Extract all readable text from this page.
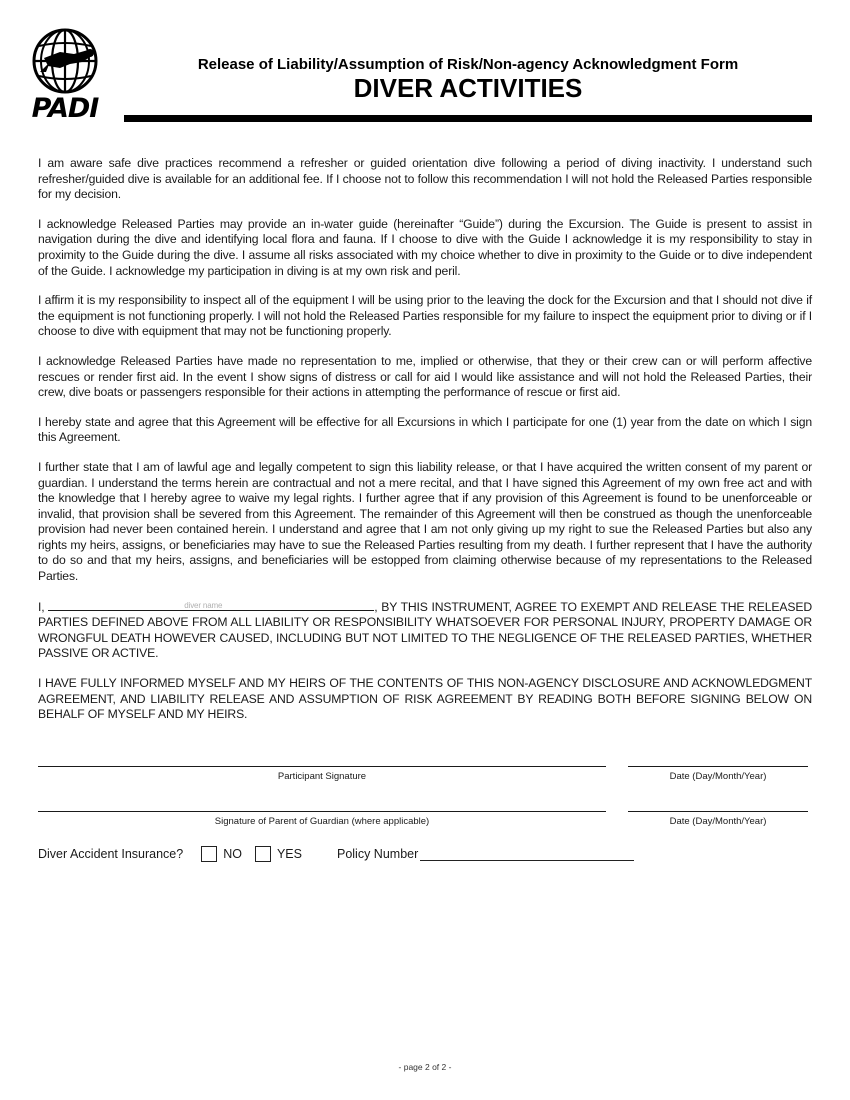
PADI
Release of Liability/Assumption of Risk/Non-agency Acknowledgment Form
DIVER ACTIVITIES

I am aware safe dive practices recommend a refresher or guided orientation dive following a period of diving inactivity. I understand such refresher/guided dive is available for an additional fee. If I choose not to follow this recommendation I will not hold the Released Parties responsible for my decision.

I acknowledge Released Parties may provide an in-water guide (hereinafter “Guide”) during the Excursion. The Guide is present to assist in navigation during the dive and identifying local flora and fauna. If I choose to dive with the Guide I acknowledge it is my responsibility to stay in proximity to the Guide during the dive. I assume all risks associated with my choice whether to dive in proximity to the Guide or to dive independent of the Guide. I acknowledge my participation in diving is at my own risk and peril.

I affirm it is my responsibility to inspect all of the equipment I will be using prior to the leaving the dock for the Excursion and that I should not dive if the equipment is not functioning properly. I will not hold the Released Parties responsible for my failure to inspect the equipment prior to diving or if I choose to dive with equipment that may not be functioning properly.

I acknowledge Released Parties have made no representation to me, implied or otherwise, that they or their crew can or will perform affective rescues or render first aid. In the event I show signs of distress or call for aid I would like assistance and will not hold the Released Parties, their crew, dive boats or passengers responsible for their actions in attempting the performance of rescue or first aid.

I hereby state and agree that this Agreement will be effective for all Excursions in which I participate for one (1) year from the date on which I sign this Agreement.

I further state that I am of lawful age and legally competent to sign this liability release, or that I have acquired the written consent of my parent or guardian. I understand the terms herein are contractual and not a mere recital, and that I have signed this Agreement of my own free act and with the knowledge that I hereby agree to waive my legal rights. I further agree that if any provision of this Agreement is found to be unenforceable or invalid, that provision shall be severed from this Agreement. The remainder of this Agreement will then be construed as though the unenforceable provision had never been contained herein. I understand and agree that I am not only giving up my right to sue the Released Parties but also any rights my heirs, assigns, or beneficiaries may have to sue the Released Parties resulting from my death. I further represent that I have the authority to do so and that my heirs, assigns, and beneficiaries will be estopped from claiming otherwise because of my representations to the Released Parties.

I,	diver name	, BY THIS INSTRUMENT, AGREE TO EXEMPT AND RELEASE THE RELEASED PARTIES DEFINED ABOVE FROM ALL LIABILITY OR RESPONSIBILITY WHATSOEVER FOR PERSONAL INJURY, PROPERTY DAMAGE OR WRONGFUL DEATH HOWEVER CAUSED, INCLUDING BUT NOT LIMITED TO THE NEGLIGENCE OF THE RELEASED PARTIES, WHETHER PASSIVE OR ACTIVE.

I HAVE FULLY INFORMED MYSELF AND MY HEIRS OF THE CONTENTS OF THIS NON-AGENCY DISCLOSURE AND ACKNOWLEDGMENT AGREEMENT, AND LIABILITY RELEASE AND ASSUMPTION OF RISK AGREEMENT BY READING BOTH BEFORE SIGNING BELOW ON BEHALF OF MYSELF AND MY HEIRS.

Participant Signature	Date (Day/Month/Year)
Signature of Parent of Guardian (where applicable)	Date (Day/Month/Year)
Diver Accident Insurance?	NO	YES	Policy Number
- page 2 of 2 -
